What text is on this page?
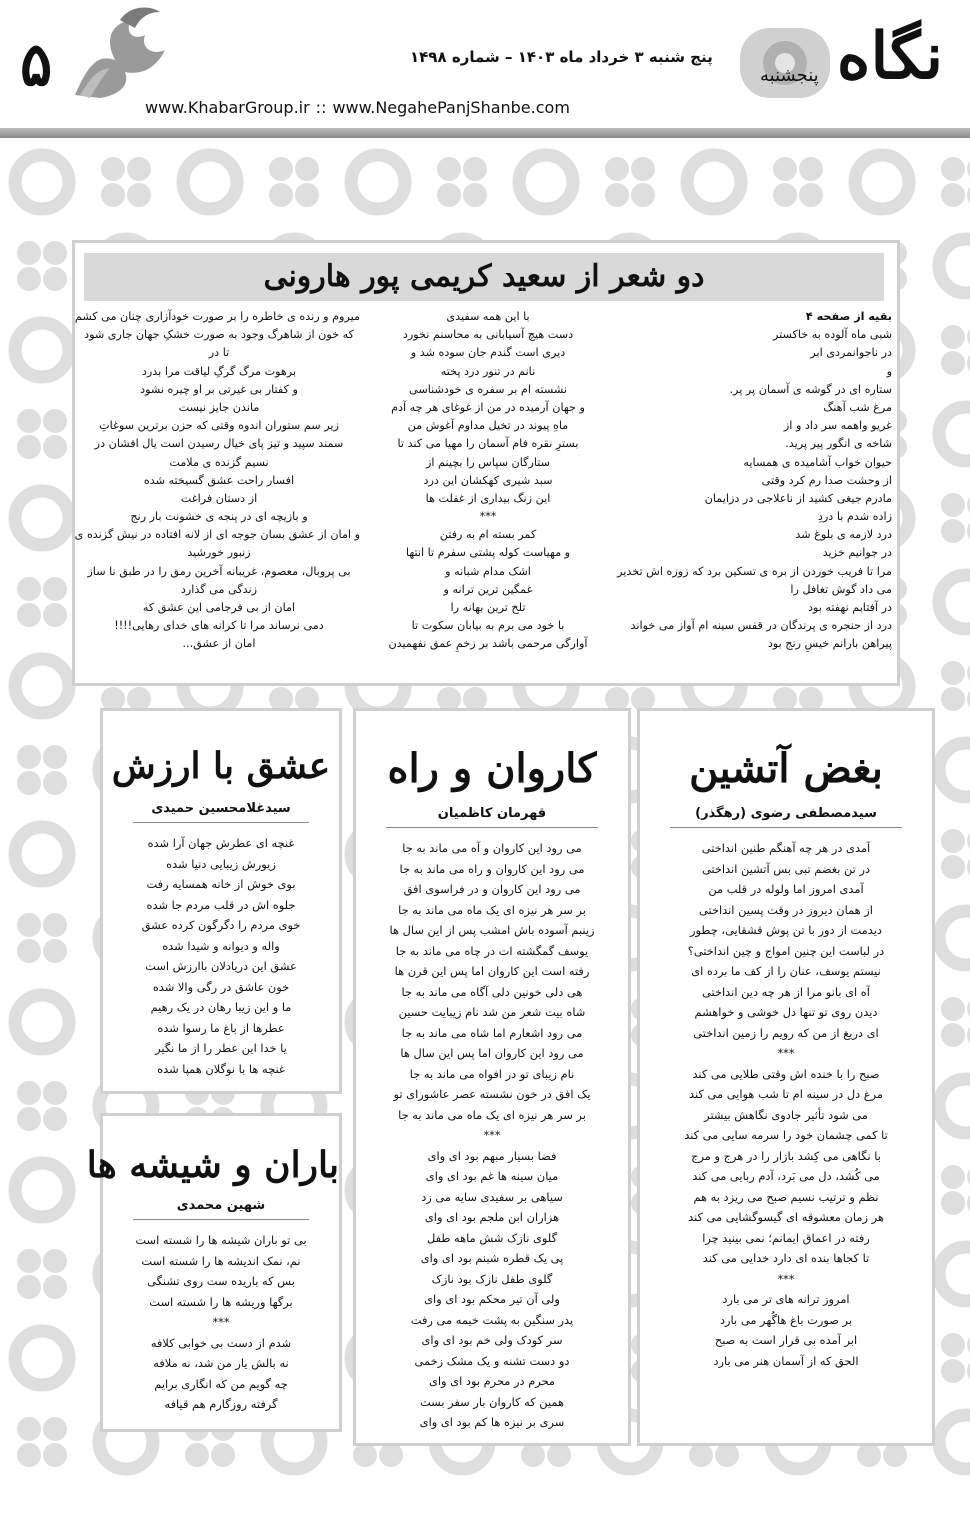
۵	پنج شنبه ۳ خرداد ماه ۱۴۰۳ – شماره ۱۴۹۸
www.KhabarGroup.ir :: www.NegahePanjShanbe.com
نگاه
پنجشنبه
دو شعر از سعید کریمی پور هارونی
بقیه از صفحه ۴
شبی ماه آلوده به خاکستر
در ناجوانمردی ابر
و
ستاره ای در گوشه ی آسمان پر پر.
مرغ شب آهنگ
غریو واهمه سر داد و از
شاخه ی انگور پیر پرید.
حیوان خواب آشامیده ی همسایه
از وحشت صدا رم کرد وقتی
مادرم جیغی کشید از ناعلاجی در دزایمان
زاده شدم با دردِ
درد لازمه ی بلوغ شد
در جوانیم خزید
مرا تا فریب خوردن از بره ی تسکین برد که زوزه اش تخدیر
می داد گوش تغافل را
در آفتابم نهفته بود
درد از حنجره ی پرندگان در قفس سینه ام آواز می خواند
پیراهن بارانم خیسِ رنج بود
با این همه سفیدی
دست هیچ آسیابانی به محاسنم نخورد
دیری است گندم جان سوده شد و
نانم در تنور درد پخته
نشسته ام بر سفره ی خودشناسی
و جهان آرمیده در من از غوغای هر چه آدم
ماهِ پیوند در تخیل مداوم آغوش من
بسترِ نقره فام آسمان را مهیا می کند تا
ستارگان سپاس را بچینم از
سبد شیری کهکشان این درد
این زنگ بیداری از غفلت ها
***
کمر بسته ام به رفتن
و مهیاست کوله پشتی سفرم تا انتها
اشک مدام شبانه و
غمگین ترین ترانه و
تلخ ترین بهانه را
با خود می برم به بیابان سکوت تا
آوارگی مرحمی باشد بر زخمِ عمق نفهمیدن
میروم و رنده ی خاطره را بر صورت خودآزاری چنان می کشم
که خون از شاهرگ وجود به صورت خشکِ جهان جاری شود
تا در
برهوت مرگ گرگِ لیاقت مرا بدرد
و کفتار بی غیرتی بر او چیره نشود
ماندن جایز نیست
زیر سم ستوران اندوه وقتی که حزن برترین سوغاتِ
سمند سپید و تیز پای خیال رسیدن است یال افشان در
نسیم گزنده ی ملامت
افسار راحت عشق گسیخته شده
از دستان فراغت
و بازیچه ای در پنجه ی خشونت بار رنج
و امان از عشق بسان جوجه ای از لانه افتاده در نیش گزنده ی
زنبور خورشید
بی پروبال، معصوم، غریبانه آخرین رمق را در طبق نا ساز
زندگی می گذارد
امان از بی فرجامی این عشق که
دمی نرساند مرا تا کرانه های خدای رهایی!!!!
امان از عشق...
بغض آتشین
سیدمصطفی رضوی (رهگذر)
آمدی در هر چه آهنگم طنین انداختی
در تن بغضم تبی بس آتشین انداختی
آمدی امروز اما ولوله در قلب من
از همان دیروز در وقت پسین انداختی
دیدمت از دور با تن پوش قشقایی، چطور
در لباست این چنین امواج و چین انداختی؟
نیستم یوسف، عنان را از کف ما برده ای
آه ای بانو مرا از هر چه دین انداختی
دیدن روی تو تنها دل خوشی و خواهشم
ای دریغ از من که رویم را زمین انداختی
***
صبح را با خنده اش وقتی طلایی می کند
مرغ دل در سینه ام تا شب هوایی می کند
می شود تأثیر جادوی نگاهش بیشتر
تا کمی چشمان خود را سرمه سایی می کند
با نگاهی می کِشد بازار را در هرج و مرج
می کُشد، دل می بَرد، آدم ربایی می کند
نظم و ترتیب نسیم صبح می ریزد به هم
هر زمان معشوقه ای گیسوگشایی می کند
رفته در اعماق ایمانم؛ نمی بینید چرا
تا کجاها بنده ای دارد خدایی می کند
***
امروز ترانه های تر می بارد
بر صورت باغ هاگُهر می بارد
ابر آمده بی قرار است به صبح
الحق که از آسمان هنر می بارد
کاروان و راه
قهرمان کاظمیان
می رود این کاروان و آه می ماند به جا
می رود این کاروان و راه می ماند به جا
می رود این کاروان و در فراسوی افق
بر سر هر نیزه ای یک ماه می ماند به جا
زینبم آسوده باش امشب پس از این سال ها
یوسف گمگشته ات در چاه می ماند به جا
رفته است این کاروان اما پس این قرن ها
هی دلی خونین دلی آگاه می ماند به جا
شاه بیت شعر من شد نام زیبایت حسین
می رود اشعارم اما شاه می ماند به جا
می رود این کاروان اما پس این سال ها
نام زیبای تو در افواه می ماند به جا
یک افق در خون نشسته عصر عاشورای تو
بر سر هر نیزه ای یک ماه می ماند به جا
***
فضا بسیار مبهم بود ای وای
میان سینه ها غم بود ای وای
سیاهی بر سفیدی سایه می زد
هزاران ابن ملجم بود ای وای
گلوی نازک شش ماهه طفل
پی یک قطره شبنم بود ای وای
گلوی طفل نازک بود نازک
ولی آن تیر محکم بود ای وای
پدر سنگین به پشت خیمه می رفت
سر کودک ولی خم بود ای وای
دو دست تشنه و یک مشک زخمی
محرم در محرم بود ای وای
همین که کاروان بار سفر بست
سری بر نیزه ها کم بود ای وای
عشق با ارزش
سیدغلامحسین حمیدی
غنچه ای عطرش جهان آرا شده
زیورش زیبایی دنیا شده
بوی خوش از خانه همسایه رفت
جلوه اش در قلب مردم جا شده
خوی مردم را دگرگون کرده عشق
واله و دیوانه و شیدا شده
عشق این دریادلان باارزش است
خون عاشق در رگی والا شده
ما و این زیبا رهان در یک رهیم
عطرها از باغ ما رسوا شده
یا خدا این عطر را از ما نگیر
غنچه ها با نوگلان همپا شده
باران و شیشه ها
شهین محمدی
بی تو باران شیشه ها را شسته است
نم، نمک اندیشه ها را شسته است
بس که باریده ست روی تشنگی
برگها وریشه ها را شسته است
***
شدم از دست بی خوابی کلافه
نه بالش یار من شد، نه ملافه
چه گویم من که انگاری برایم
گرفته روزگارم هم قیافه
